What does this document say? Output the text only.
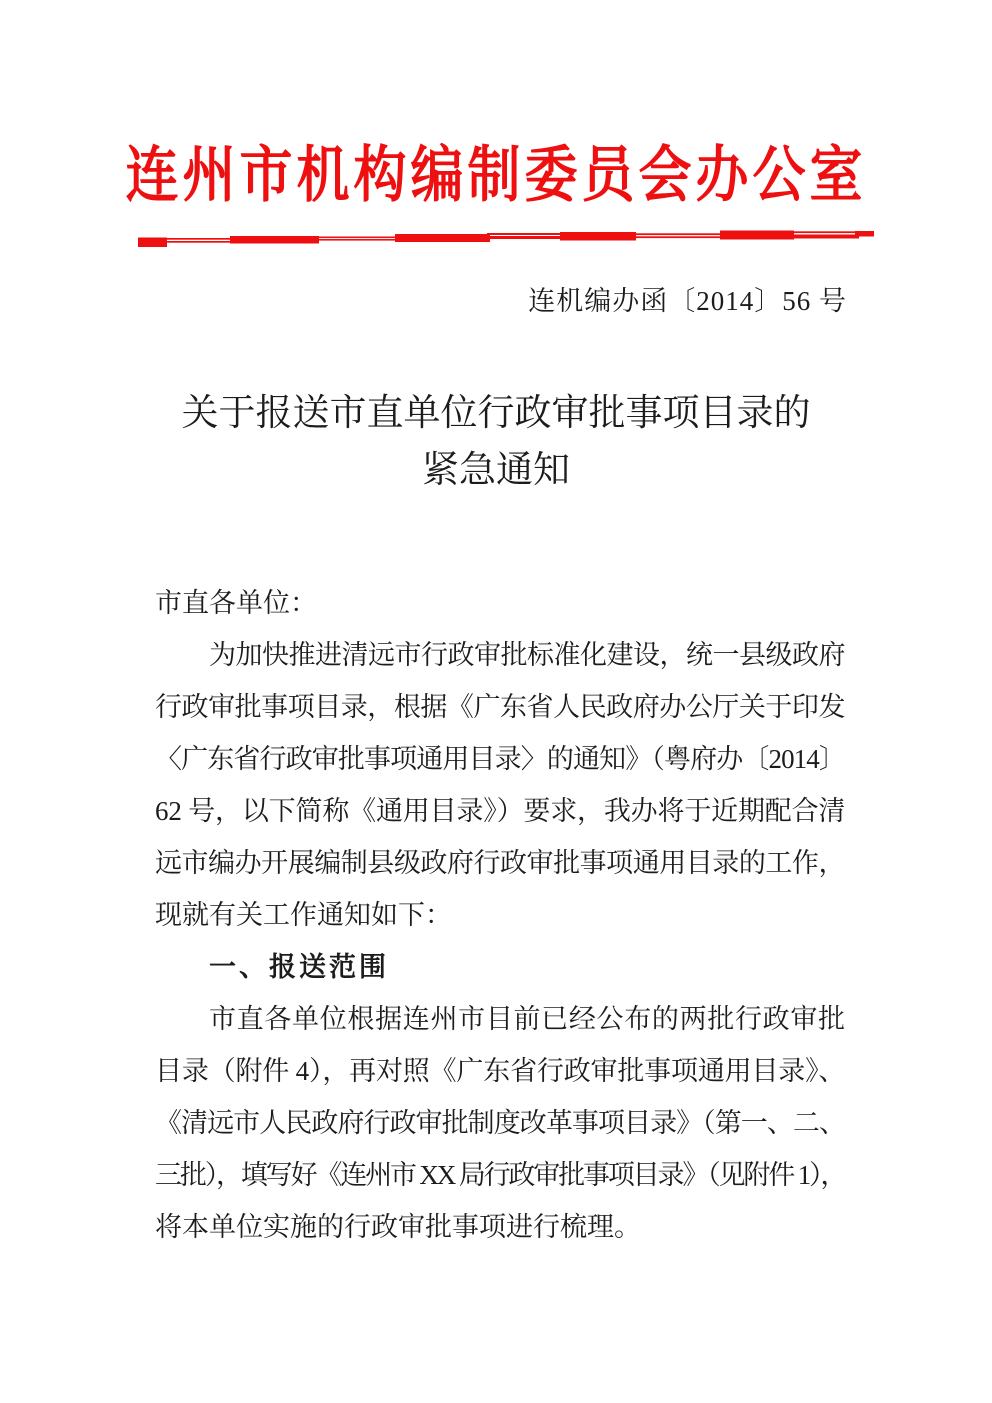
连州市机构编制委员会办公室
连机编办函〔2014〕56 号
关于报送市直单位行政审批事项目录的
紧急通知
市直各单位：
为加快推进清远市行政审批标准化建设，统一县级政府
行政审批事项目录，根据《广东省人民政府办公厅关于印发
〈广东省行政审批事项通用目录〉的通知》（粤府办〔2014〕
62 号，以下简称《通用目录》）要求，我办将于近期配合清
远市编办开展编制县级政府行政审批事项通用目录的工作，
现就有关工作通知如下：
一、报送范围
市直各单位根据连州市目前已经公布的两批行政审批
目录（附件 4），再对照《广东省行政审批事项通用目录》、
《清远市人民政府行政审批制度改革事项目录》（第一、二、
三批），填写好《连州市 XX 局行政审批事项目录》（见附件 1），
将本单位实施的行政审批事项进行梳理。
